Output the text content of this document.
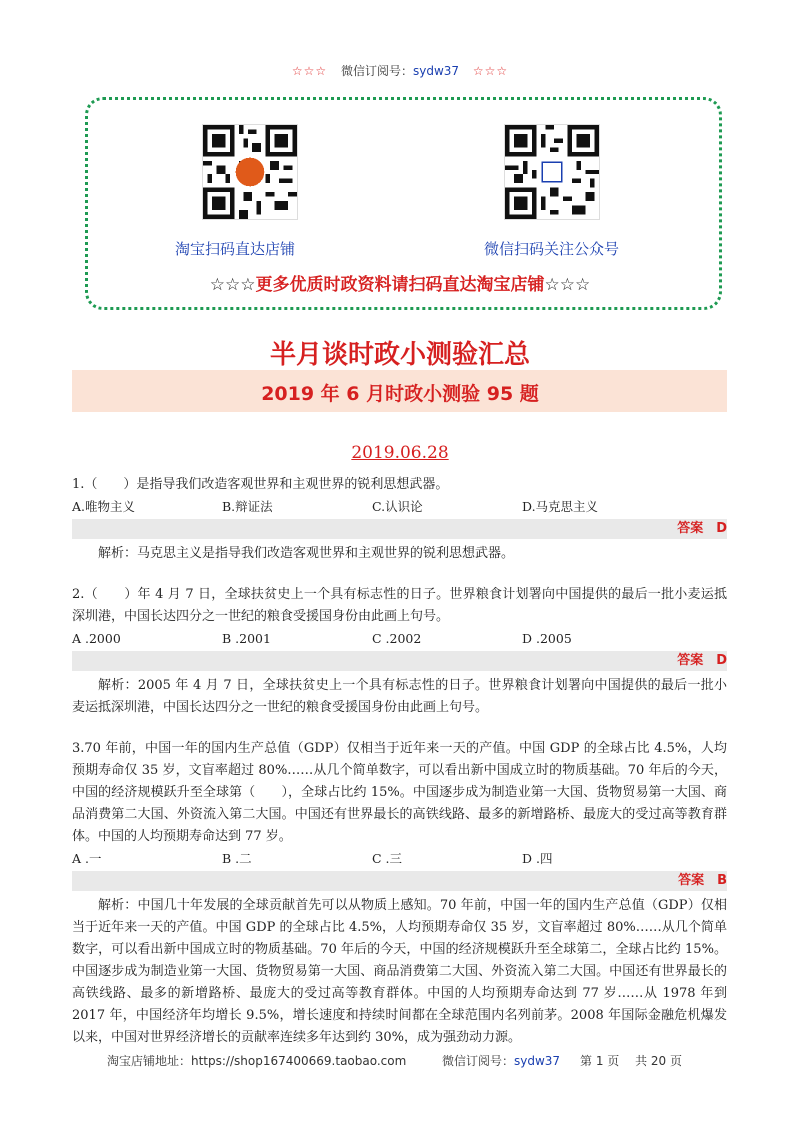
☆☆☆ 微信订阅号：sydw37 ☆☆☆
淘宝扫码直达店铺	微信扫码关注公众号
☆☆☆更多优质时政资料请扫码直达淘宝店铺☆☆☆
半月谈时政小测验汇总
2019 年 6 月时政小测验 95 题
2019.06.28
1.（　　）是指导我们改造客观世界和主观世界的锐利思想武器。
A.唯物主义	B.辩证法	C.认识论	D.马克思主义
答案　D
解析：马克思主义是指导我们改造客观世界和主观世界的锐利思想武器。
2.（　　）年 4 月 7 日，全球扶贫史上一个具有标志性的日子。世界粮食计划署向中国提供的最后一批小麦运抵深圳港，中国长达四分之一世纪的粮食受援国身份由此画上句号。
A .2000	B .2001	C .2002	D .2005
答案　D
解析：2005 年 4 月 7 日，全球扶贫史上一个具有标志性的日子。世界粮食计划署向中国提供的最后一批小麦运抵深圳港，中国长达四分之一世纪的粮食受援国身份由此画上句号。
3.70 年前，中国一年的国内生产总值（GDP）仅相当于近年来一天的产值。中国 GDP 的全球占比 4.5%，人均预期寿命仅 35 岁，文盲率超过 80%……从几个简单数字，可以看出新中国成立时的物质基础。70 年后的今天，中国的经济规模跃升至全球第（　　），全球占比约 15%。中国逐步成为制造业第一大国、货物贸易第一大国、商品消费第二大国、外资流入第二大国。中国还有世界最长的高铁线路、最多的新增路桥、最庞大的受过高等教育群体。中国的人均预期寿命达到 77 岁。
A .一	B .二	C .三	D .四
答案　B
解析：中国几十年发展的全球贡献首先可以从物质上感知。70 年前，中国一年的国内生产总值（GDP）仅相当于近年来一天的产值。中国 GDP 的全球占比 4.5%，人均预期寿命仅 35 岁，文盲率超过 80%……从几个简单数字，可以看出新中国成立时的物质基础。70 年后的今天，中国的经济规模跃升至全球第二，全球占比约 15%。中国逐步成为制造业第一大国、货物贸易第一大国、商品消费第二大国、外资流入第二大国。中国还有世界最长的高铁线路、最多的新增路桥、最庞大的受过高等教育群体。中国的人均预期寿命达到 77 岁……从 1978 年到 2017 年，中国经济年均增长 9.5%，增长速度和持续时间都在全球范围内名列前茅。2008 年国际金融危机爆发以来，中国对世界经济增长的贡献率连续多年达到约 30%，成为强劲动力源。
淘宝店铺地址：https://shop167400669.taobao.com	微信订阅号：sydw37 第 1 页　 共 20 页
